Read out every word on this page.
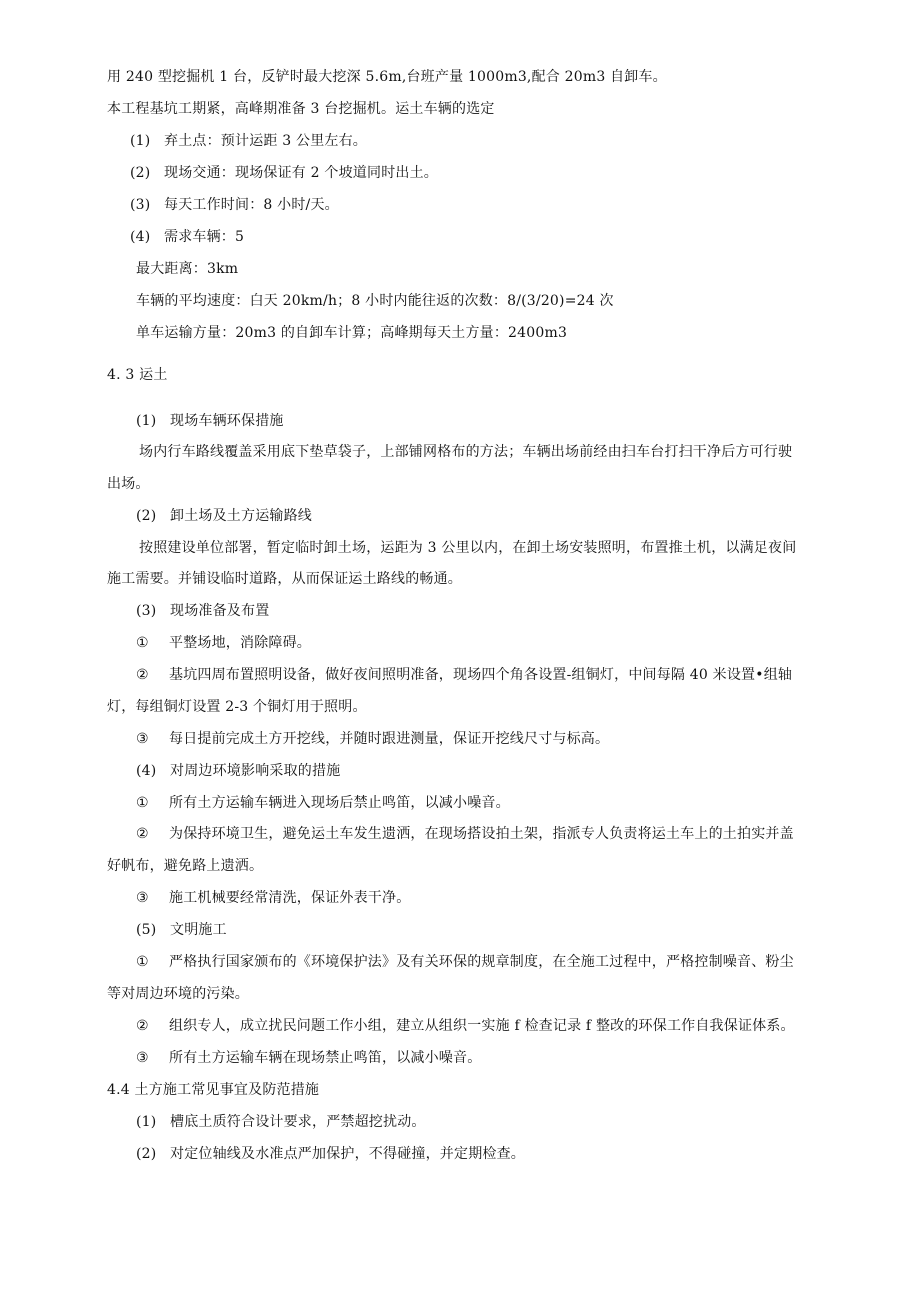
用 240 型挖掘机 1 台，反铲时最大挖深 5.6m,台班产量 1000m3,配合 20m3 自卸车。
本工程基坑工期紧，高峰期准备 3 台挖掘机。运土车辆的选定
(1) 弃土点：预计运距 3 公里左右。
(2) 现场交通：现场保证有 2 个坡道同时出土。
(3) 每天工作时间：8 小时/天。
(4) 需求车辆：5
最大距离：3km
车辆的平均速度：白天 20km/h；8 小时内能往返的次数：8/(3/20)=24 次
单车运输方量：20m3 的自卸车计算；高峰期每天土方量：2400m3
4. 3 运土
(1) 现场车辆环保措施
场内行车路线覆盖采用底下垫草袋子，上部铺网格布的方法；车辆出场前经由扫车台打扫干净后方可行驶
出场。
(2) 卸土场及土方运输路线
按照建设单位部署，暂定临时卸土场，运距为 3 公里以内，在卸土场安装照明，布置推土机，以满足夜间
施工需要。并铺设临时道路，从而保证运土路线的畅通。
(3) 现场准备及布置
① 平整场地，消除障碍。
② 基坑四周布置照明设备，做好夜间照明准备，现场四个角各设置-组铜灯，中间每隔 40 米设置•组轴
灯，每组铜灯设置 2-3 个铜灯用于照明。
③ 每日提前完成土方开挖线，并随时跟进测量，保证开挖线尺寸与标高。
(4) 对周边环境影响采取的措施
① 所有土方运输车辆进入现场后禁止鸣笛，以减小噪音。
② 为保持环境卫生，避免运土车发生遗洒，在现场搭设拍土架，指派专人负责将运土车上的土拍实并盖
好帆布，避免路上遗洒。
③ 施工机械要经常清洗，保证外表干净。
(5) 文明施工
① 严格执行国家颁布的《环境保护法》及有关环保的规章制度，在全施工过程中，严格控制噪音、粉尘
等对周边环境的污染。
② 组织专人，成立扰民问题工作小组，建立从组织一实施 f 检查记录 f 整改的环保工作自我保证体系。
③ 所有土方运输车辆在现场禁止鸣笛，以减小噪音。
4.4 土方施工常见事宜及防范措施
(1) 槽底土质符合设计要求，严禁超挖扰动。
(2) 对定位轴线及水准点严加保护，不得碰撞，并定期检查。
